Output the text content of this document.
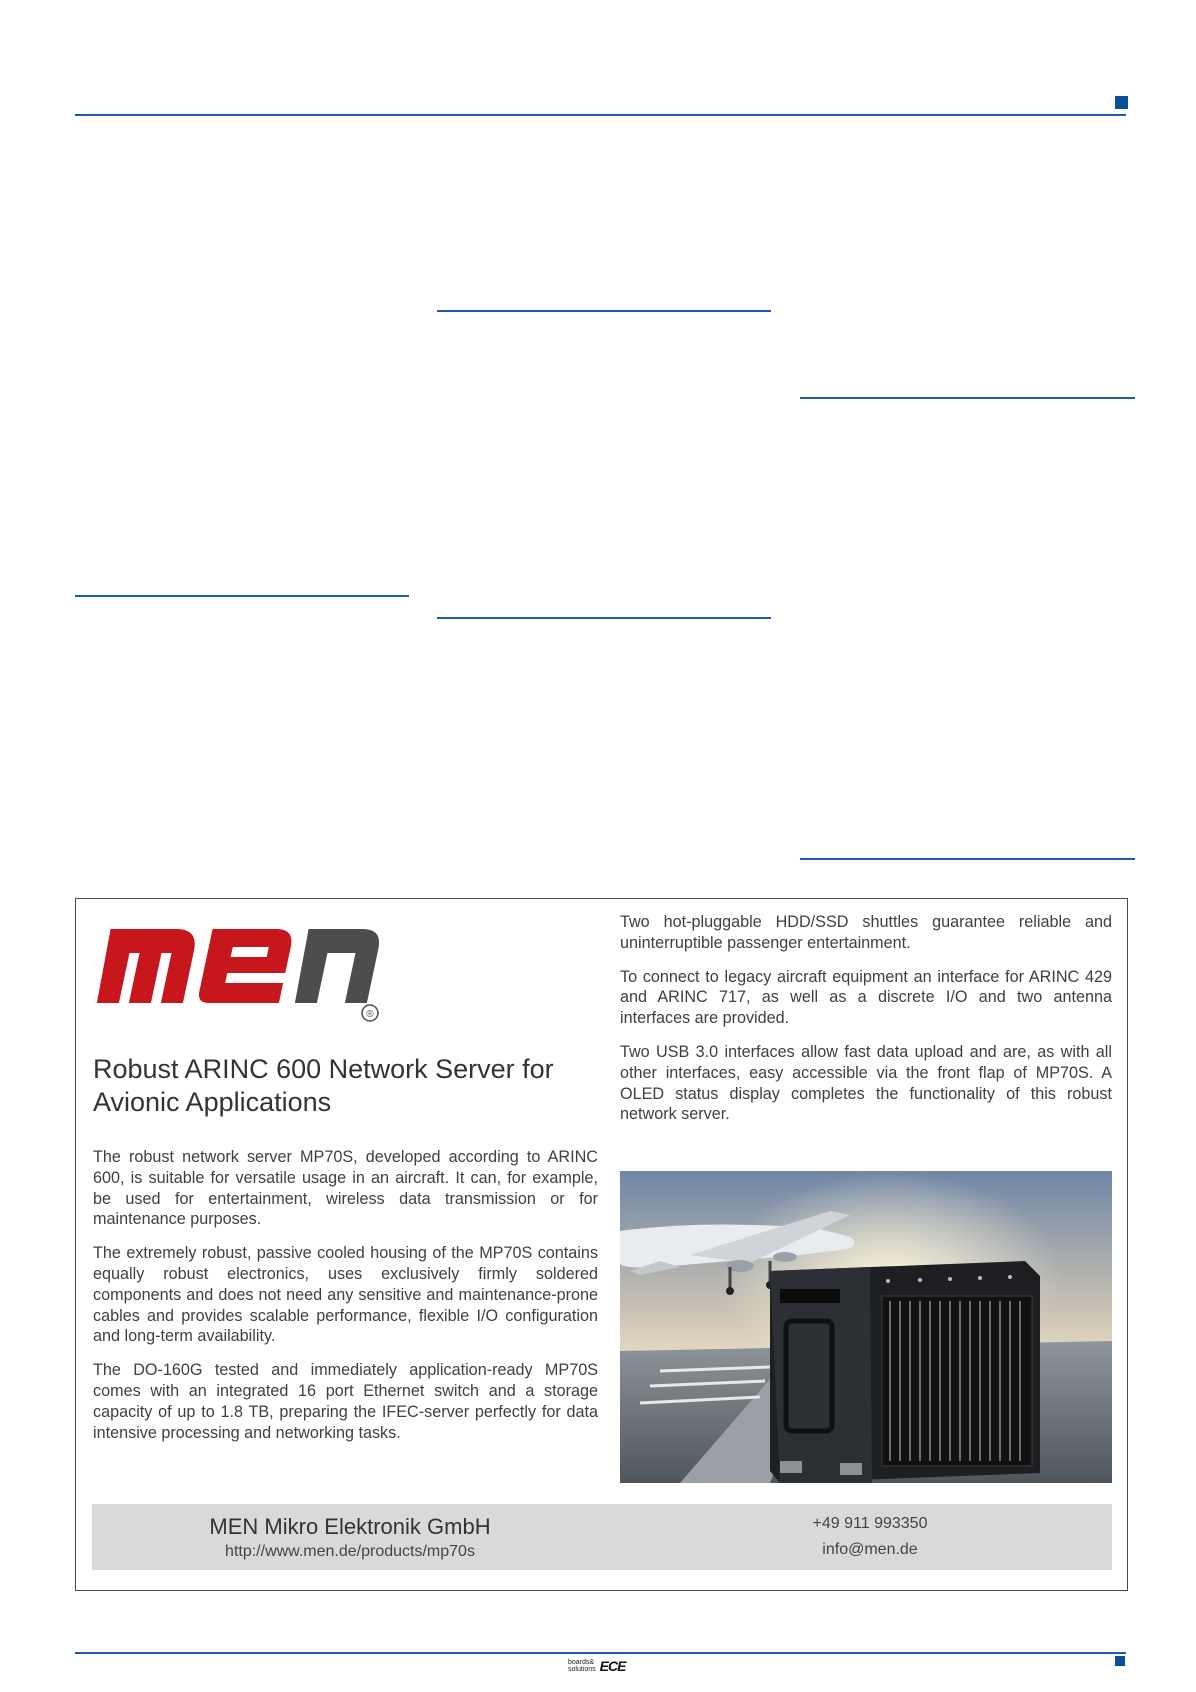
®
Robust ARINC 600 Network Server for
Avionic Applications

The robust network server MP70S, developed according to ARINC 600, is suitable for versatile usage in an aircraft. It can, for example, be used for entertainment, wireless data transmission or for maintenance purposes.

The extremely robust, passive cooled housing of the MP70S contains equally robust electronics, uses exclusively firmly soldered components and does not need any sensitive and maintenance-prone cables and provides scalable performance, flexible I/O configuration and long-term availability.

The DO-160G tested and immediately application-ready MP70S comes with an integrated 16 port Ethernet switch and a storage capacity of up to 1.8 TB, preparing the IFEC-server perfectly for data intensive processing and networking tasks.

Two hot-pluggable HDD/SSD shuttles guarantee reliable and uninterruptible passenger entertainment.

To connect to legacy aircraft equipment an interface for ARINC 429 and ARINC 717, as well as a discrete I/O and two antenna interfaces are provided.

Two USB 3.0 interfaces allow fast data upload and are, as with all other interfaces, easy accessible via the front flap of MP70S. A OLED status display completes the functionality of this robust network server.

MEN Mikro Elektronik GmbH
http://www.men.de/products/mp70s
+49 911 993350
info@men.de
boards&
solutions ECE
